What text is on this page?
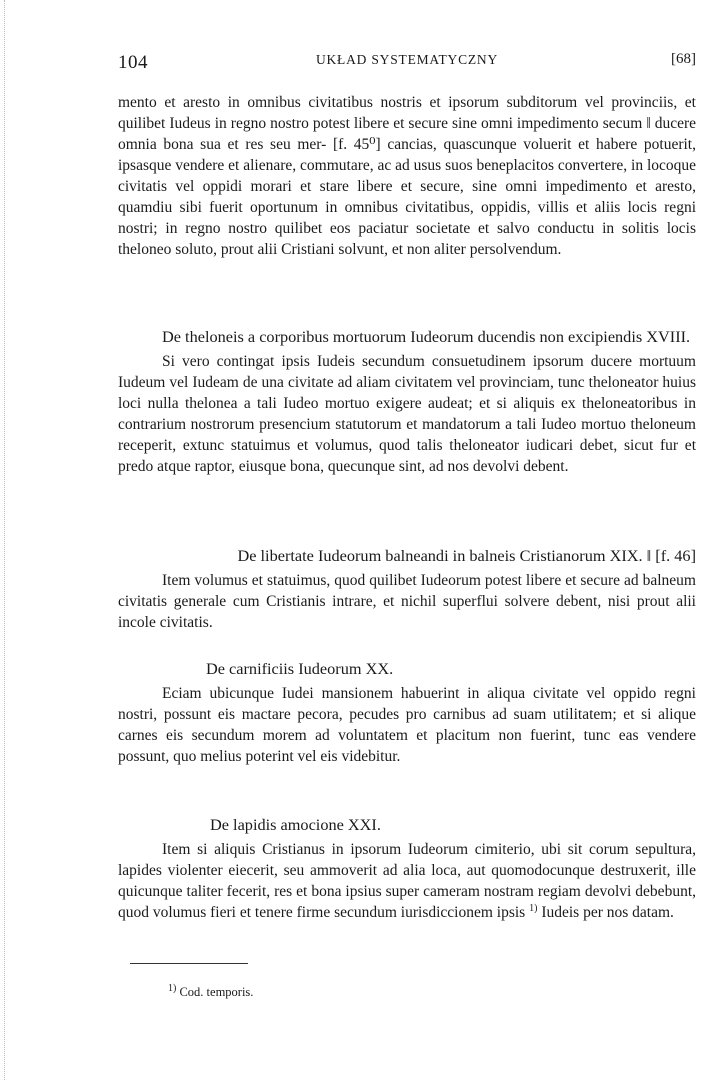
104	UKŁAD SYSTEMATYCZNY	[68]

mento et aresto in omnibus civitatibus nostris et ipsorum subditorum vel provinciis, et quilibet Iudeus in regno nostro potest libere et secure sine omni impedimento secum ‖ ducere omnia bona sua et res seu mer- [f. 45⁰] cancias, quascunque voluerit et habere potuerit, ipsasque vendere et alienare, commutare, ac ad usus suos beneplacitos convertere, in locoque civitatis vel oppidi morari et stare libere et secure, sine omni impedimento et aresto, quamdiu sibi fuerit oportunum in omnibus civitatibus, oppidis, villis et aliis locis regni nostri; in regno nostro quilibet eos paciatur societate et salvo conductu in solitis locis theloneo soluto, prout alii Cristiani solvunt, et non aliter persolvendum.

De theloneis a corporibus mortuorum Iudeorum ducendis non excipiendis XVIII.

Si vero contingat ipsis Iudeis secundum consuetudinem ipsorum ducere mortuum Iudeum vel Iudeam de una civitate ad aliam civitatem vel provinciam, tunc theloneator huius loci nulla thelonea a tali Iudeo mortuo exigere audeat; et si aliquis ex theloneatoribus in contrarium nostrorum presencium statutorum et mandatorum a tali Iudeo mortuo theloneum receperit, extunc statuimus et volumus, quod talis theloneator iudicari debet, sicut fur et predo atque raptor, eiusque bona, quecunque sint, ad nos devolvi debent.

De libertate Iudeorum balneandi in balneis Cristianorum XIX. ‖ [f. 46]

Item volumus et statuimus, quod quilibet Iudeorum potest libere et secure ad balneum civitatis generale cum Cristianis intrare, et nichil superflui solvere debent, nisi prout alii incole civitatis.

De carnificiis Iudeorum XX.

Eciam ubicunque Iudei mansionem habuerint in aliqua civitate vel oppido regni nostri, possunt eis mactare pecora, pecudes pro carnibus ad suam utilitatem; et si alique carnes eis secundum morem ad voluntatem et placitum non fuerint, tunc eas vendere possunt, quo melius poterint vel eis videbitur.

De lapidis amocione XXI.

Item si aliquis Cristianus in ipsorum Iudeorum cimiterio, ubi sit corum sepultura, lapides violenter eiecerit, seu ammoverit ad alia loca, aut quomodocunque destruxerit, ille quicunque taliter fecerit, res et bona ipsius super cameram nostram regiam devolvi debebunt, quod volumus fieri et tenere firme secundum iurisdiccionem ipsis $^{1)}$ Iudeis per nos datam.

$^{1)}$ Cod. temporis.
